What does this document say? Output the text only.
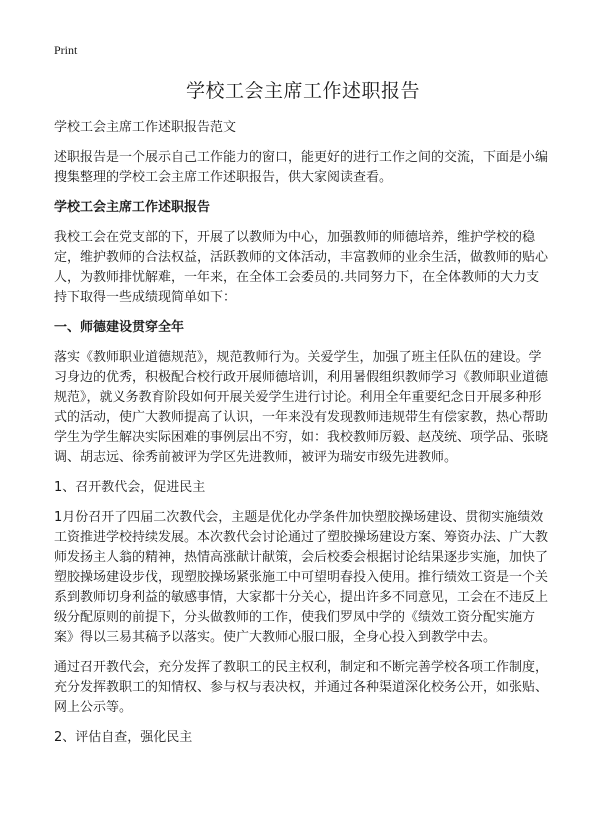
Print
学校工会主席工作述职报告

学校工会主席工作述职报告范文

述职报告是一个展示自己工作能力的窗口，能更好的进行工作之间的交流，下面是小编搜集整理的学校工会主席工作述职报告，供大家阅读查看。

学校工会主席工作述职报告

我校工会在党支部的下，开展了以教师为中心，加强教师的师德培养，维护学校的稳定，维护教师的合法权益，活跃教师的文体活动，丰富教师的业余生活，做教师的贴心人，为教师排忧解难，一年来，在全体工会委员的.共同努力下，在全体教师的大力支持下取得一些成绩现简单如下：

一、师德建设贯穿全年

落实《教师职业道德规范》，规范教师行为。关爱学生，加强了班主任队伍的建设。学习身边的优秀，积极配合校行政开展师德培训，利用暑假组织教师学习《教师职业道德规范》，就义务教育阶段如何开展关爱学生进行讨论。利用全年重要纪念日开展多种形式的活动，使广大教师提高了认识，一年来没有发现教师违规带生有偿家教，热心帮助学生为学生解决实际困难的事例层出不穷，如：我校教师厉毅、赵茂统、项学品、张晓调、胡志远、徐秀前被评为学区先进教师，被评为瑞安市级先进教师。

1、召开教代会，促进民主

1月份召开了四届二次教代会，主题是优化办学条件加快塑胶操场建设、贯彻实施绩效工资推进学校持续发展。本次教代会讨论通过了塑胶操场建设方案、筹资办法、广大教师发扬主人翁的精神，热情高涨献计献策，会后校委会根据讨论结果逐步实施，加快了塑胶操场建设步伐，现塑胶操场紧张施工中可望明春投入使用。推行绩效工资是一个关系到教师切身利益的敏感事情，大家都十分关心，提出许多不同意见，工会在不违反上级分配原则的前提下，分头做教师的工作，使我们罗凤中学的《绩效工资分配实施方案》得以三易其稿予以落实。使广大教师心服口服，全身心投入到教学中去。

通过召开教代会，充分发挥了教职工的民主权利，制定和不断完善学校各项工作制度，充分发挥教职工的知情权、参与权与表决权，并通过各种渠道深化校务公开，如张贴、网上公示等。

2、评估自查，强化民主
